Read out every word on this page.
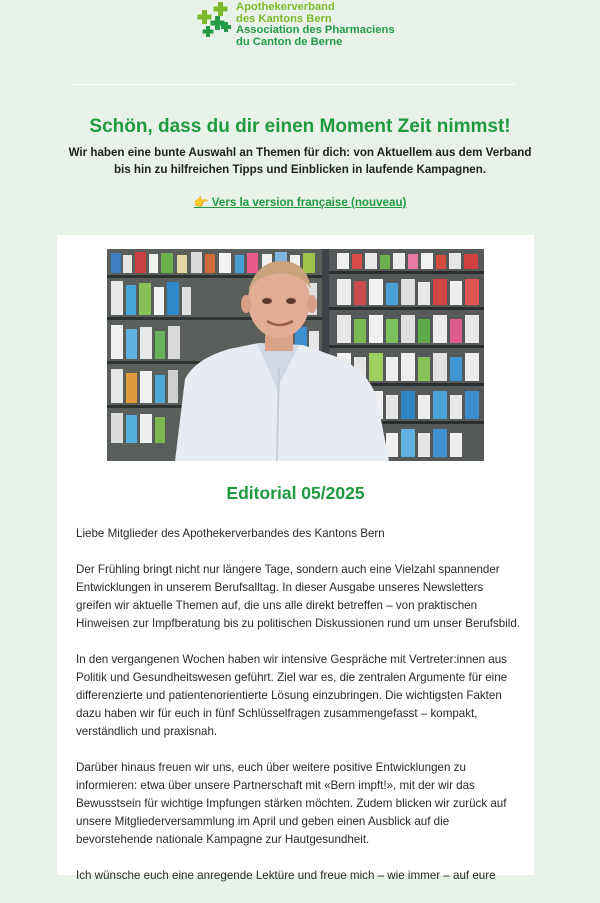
Apothekerverband
des Kantons Bern
Association des Pharmaciens
du Canton de Berne
Schön, dass du dir einen Moment Zeit nimmst!

Wir haben eine bunte Auswahl an Themen für dich: von Aktuellem aus dem Verband
bis hin zu hilfreichen Tipps und Einblicken in laufende Kampagnen.

👉 Vers la version française (nouveau)
Editorial 05/2025

Liebe Mitglieder des Apothekerverbandes des Kantons Bern

Der Frühling bringt nicht nur längere Tage, sondern auch eine Vielzahl spannender Entwicklungen in unserem Berufsalltag. In dieser Ausgabe unseres Newsletters greifen wir aktuelle Themen auf, die uns alle direkt betreffen – von praktischen Hinweisen zur Impfberatung bis zu politischen Diskussionen rund um unser Berufsbild.

In den vergangenen Wochen haben wir intensive Gespräche mit Vertreter:innen aus Politik und Gesundheitswesen geführt. Ziel war es, die zentralen Argumente für eine differenzierte und patientenorientierte Lösung einzubringen. Die wichtigsten Fakten dazu haben wir für euch in fünf Schlüsselfragen zusammengefasst – kompakt, verständlich und praxisnah.

Darüber hinaus freuen wir uns, euch über weitere positive Entwicklungen zu informieren: etwa über unsere Partnerschaft mit «Bern impft!», mit der wir das Bewusstsein für wichtige Impfungen stärken möchten. Zudem blicken wir zurück auf unsere Mitgliederversammlung im April und geben einen Ausblick auf die bevorstehende nationale Kampagne zur Hautgesundheit.

Ich wünsche euch eine anregende Lektüre und freue mich – wie immer – auf eure
